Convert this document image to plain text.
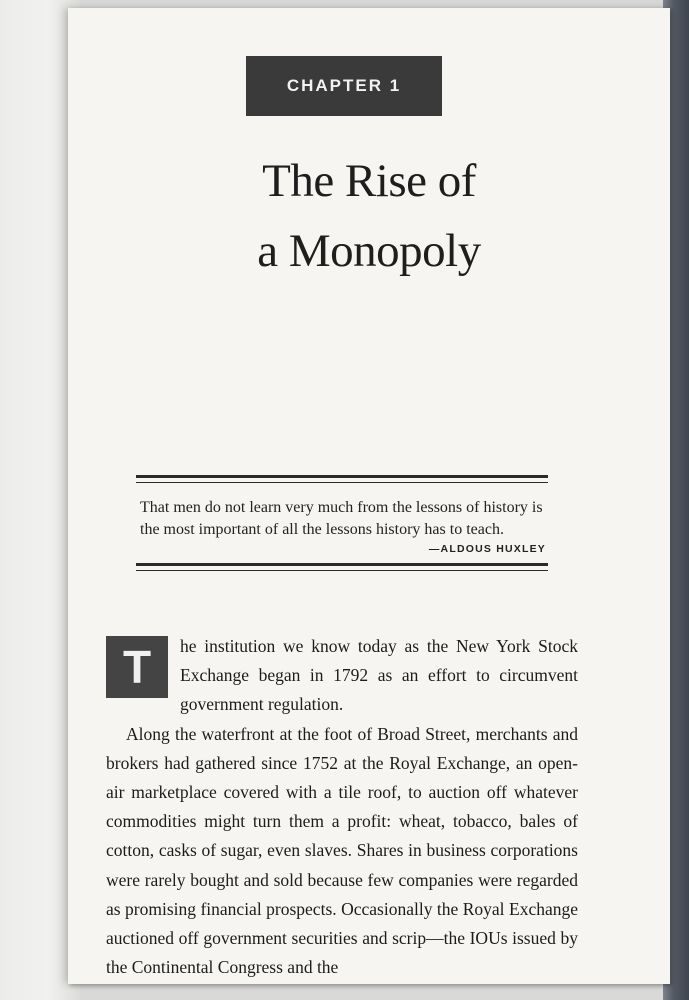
CHAPTER 1
The Rise of
a Monopoly
That men do not learn very much from the lessons of history is
the most important of all the lessons history has to teach.
—ALDOUS HUXLEY

T	he institution we know today as the New York Stock Exchange began in 1792 as an effort to circumvent government regulation.

Along the waterfront at the foot of Broad Street, merchants and brokers had gathered since 1752 at the Royal Exchange, an open-air marketplace covered with a tile roof, to auction off whatever commodities might turn them a profit: wheat, tobacco, bales of cotton, casks of sugar, even slaves. Shares in business corporations were rarely bought and sold because few companies were regarded as promising financial prospects. Occasionally the Royal Exchange auctioned off government securities and scrip—the IOUs issued by the Continental Congress and the
